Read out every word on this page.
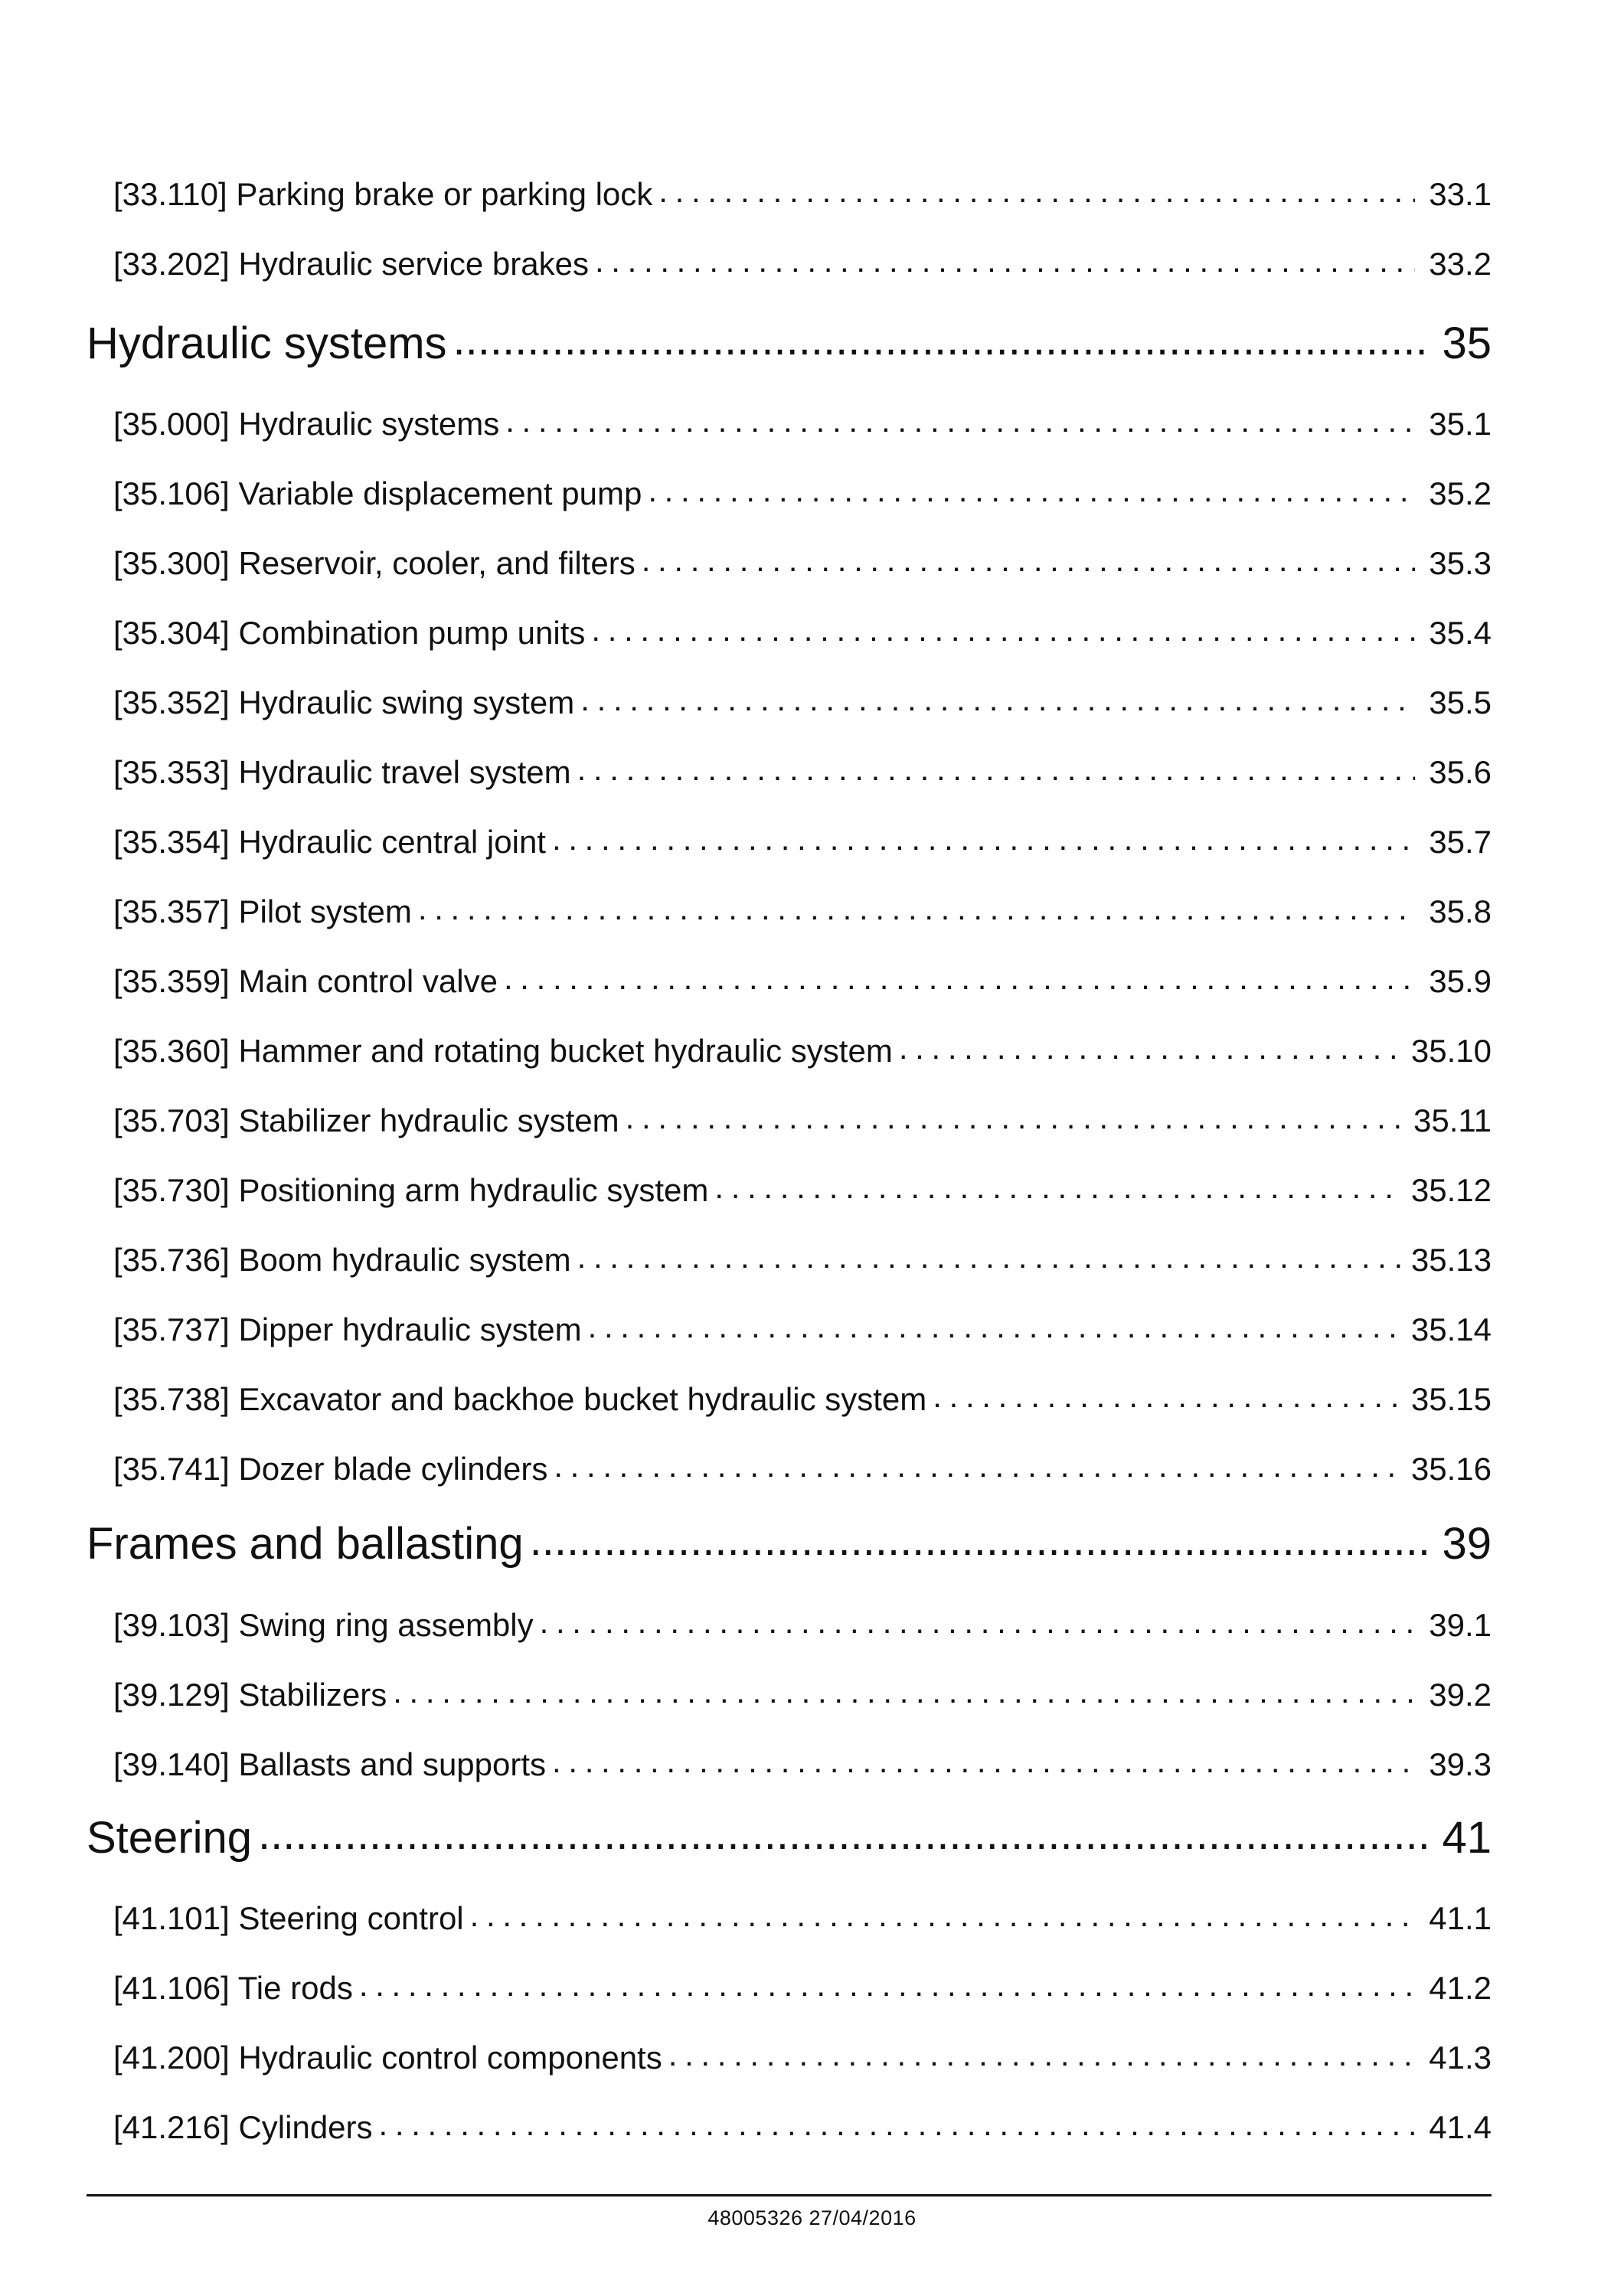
[33.110] Parking brake or parking lock . . .	33.1
[33.202] Hydraulic service brakes . . .	33.2
Hydraulic systems .....	35
[35.000] Hydraulic systems . . .	35.1
[35.106] Variable displacement pump . . .	35.2
[35.300] Reservoir, cooler, and filters . . .	35.3
[35.304] Combination pump units . . .	35.4
[35.352] Hydraulic swing system . . .	35.5
[35.353] Hydraulic travel system . . .	35.6
[35.354] Hydraulic central joint . . .	35.7
[35.357] Pilot system . . .	35.8
[35.359] Main control valve . . .	35.9
[35.360] Hammer and rotating bucket hydraulic system . . .	35.10
[35.703] Stabilizer hydraulic system . . .	35.11
[35.730] Positioning arm hydraulic system . . .	35.12
[35.736] Boom hydraulic system . . .	35.13
[35.737] Dipper hydraulic system . . .	35.14
[35.738] Excavator and backhoe bucket hydraulic system . . .	35.15
[35.741] Dozer blade cylinders . . .	35.16
Frames and ballasting .....	39
[39.103] Swing ring assembly . . .	39.1
[39.129] Stabilizers . . .	39.2
[39.140] Ballasts and supports . . .	39.3
Steering .....	41
[41.101] Steering control . . .	41.1
[41.106] Tie rods . . .	41.2
[41.200] Hydraulic control components . . .	41.3
[41.216] Cylinders . . .	41.4
48005326 27/04/2016
